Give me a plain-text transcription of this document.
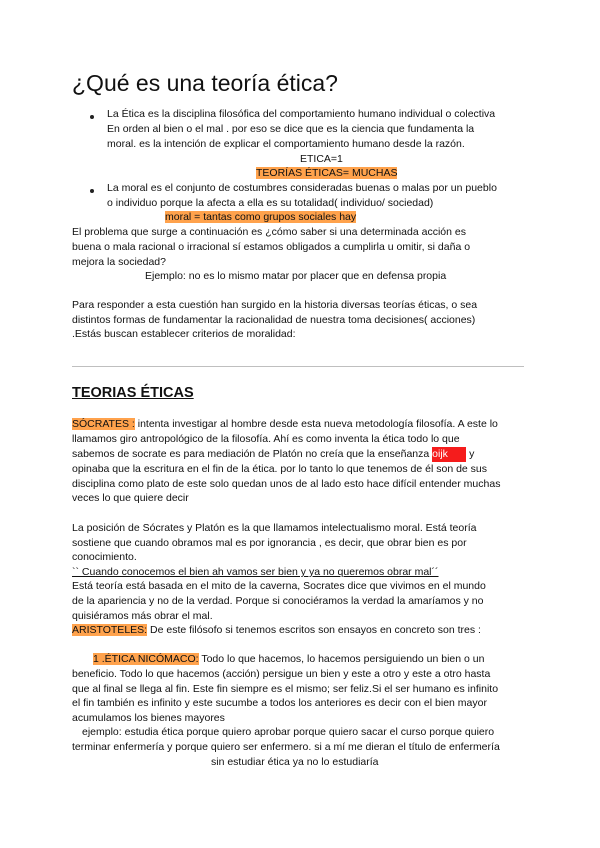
¿Qué es una teoría ética?

La Ética es la disciplina filosófica del comportamiento humano individual o colectiva

En orden al bien o el mal . por eso se dice que es la ciencia que fundamenta la

moral. es la intención de explicar el comportamiento humano desde la razón.

ETICA=1

TEORÍAS ÉTICAS= MUCHAS

La moral es el conjunto de costumbres consideradas buenas o malas por un pueblo

o individuo porque la afecta a ella es su totalidad( individuo/ sociedad)

moral = tantas como grupos sociales hay

El problema que surge a continuación es ¿cómo saber si una determinada acción es

buena o mala racional o irracional sí estamos obligados a cumplirla u omitir, si daña o

mejora la sociedad?

Ejemplo: no es lo mismo matar por placer que en defensa propia

Para responder a esta cuestión han surgido en la historia diversas teorías éticas, o sea

distintos formas de fundamentar la racionalidad de nuestra toma decisiones( acciones)

.Estás buscan establecer criterios de moralidad:

TEORIAS ÉTICAS

SÓCRATES : intenta investigar al hombre desde esta nueva metodología filosofía. A este lo

llamamos giro antropológico de la filosofía. Ahí es como inventa la ética todo lo que

sabemos de socrate es para mediación de Platón no creía que la enseñanza oijk y

opinaba que la escritura en el fin de la ética. por lo tanto lo que tenemos de él son de sus

disciplina como plato de este solo quedan unos de al lado esto hace difícil entender muchas

veces lo que quiere decir

La posición de Sócrates y Platón es la que llamamos intelectualismo moral. Está teoría

sostiene que cuando obramos mal es por ignorancia , es decir, que obrar bien es por

conocimiento.

`` Cuando conocemos el bien ah vamos ser bien y ya no queremos obrar mal´´

Está teoría está basada en el mito de la caverna, Socrates dice que vivimos en el mundo

de la apariencia y no de la verdad. Porque si conociéramos la verdad la amaríamos y no

quisiéramos más obrar el mal.

ARISTOTELES: De este filósofo si tenemos escritos son ensayos en concreto son tres :

1 .ÉTICA NICÓMACO: Todo lo que hacemos, lo hacemos persiguiendo un bien o un

beneficio. Todo lo que hacemos (acción) persigue un bien y este a otro y este a otro hasta

que al final se llega al fin. Este fin siempre es el mismo; ser feliz.Si el ser humano es infinito

el fin también es infinito y este sucumbe a todos los anteriores es decir con el bien mayor

acumulamos los bienes mayores

ejemplo: estudia ética porque quiero aprobar porque quiero sacar el curso porque quiero

terminar enfermería y porque quiero ser enfermero. si a mí me dieran el título de enfermería

sin estudiar ética ya no lo estudiaría
